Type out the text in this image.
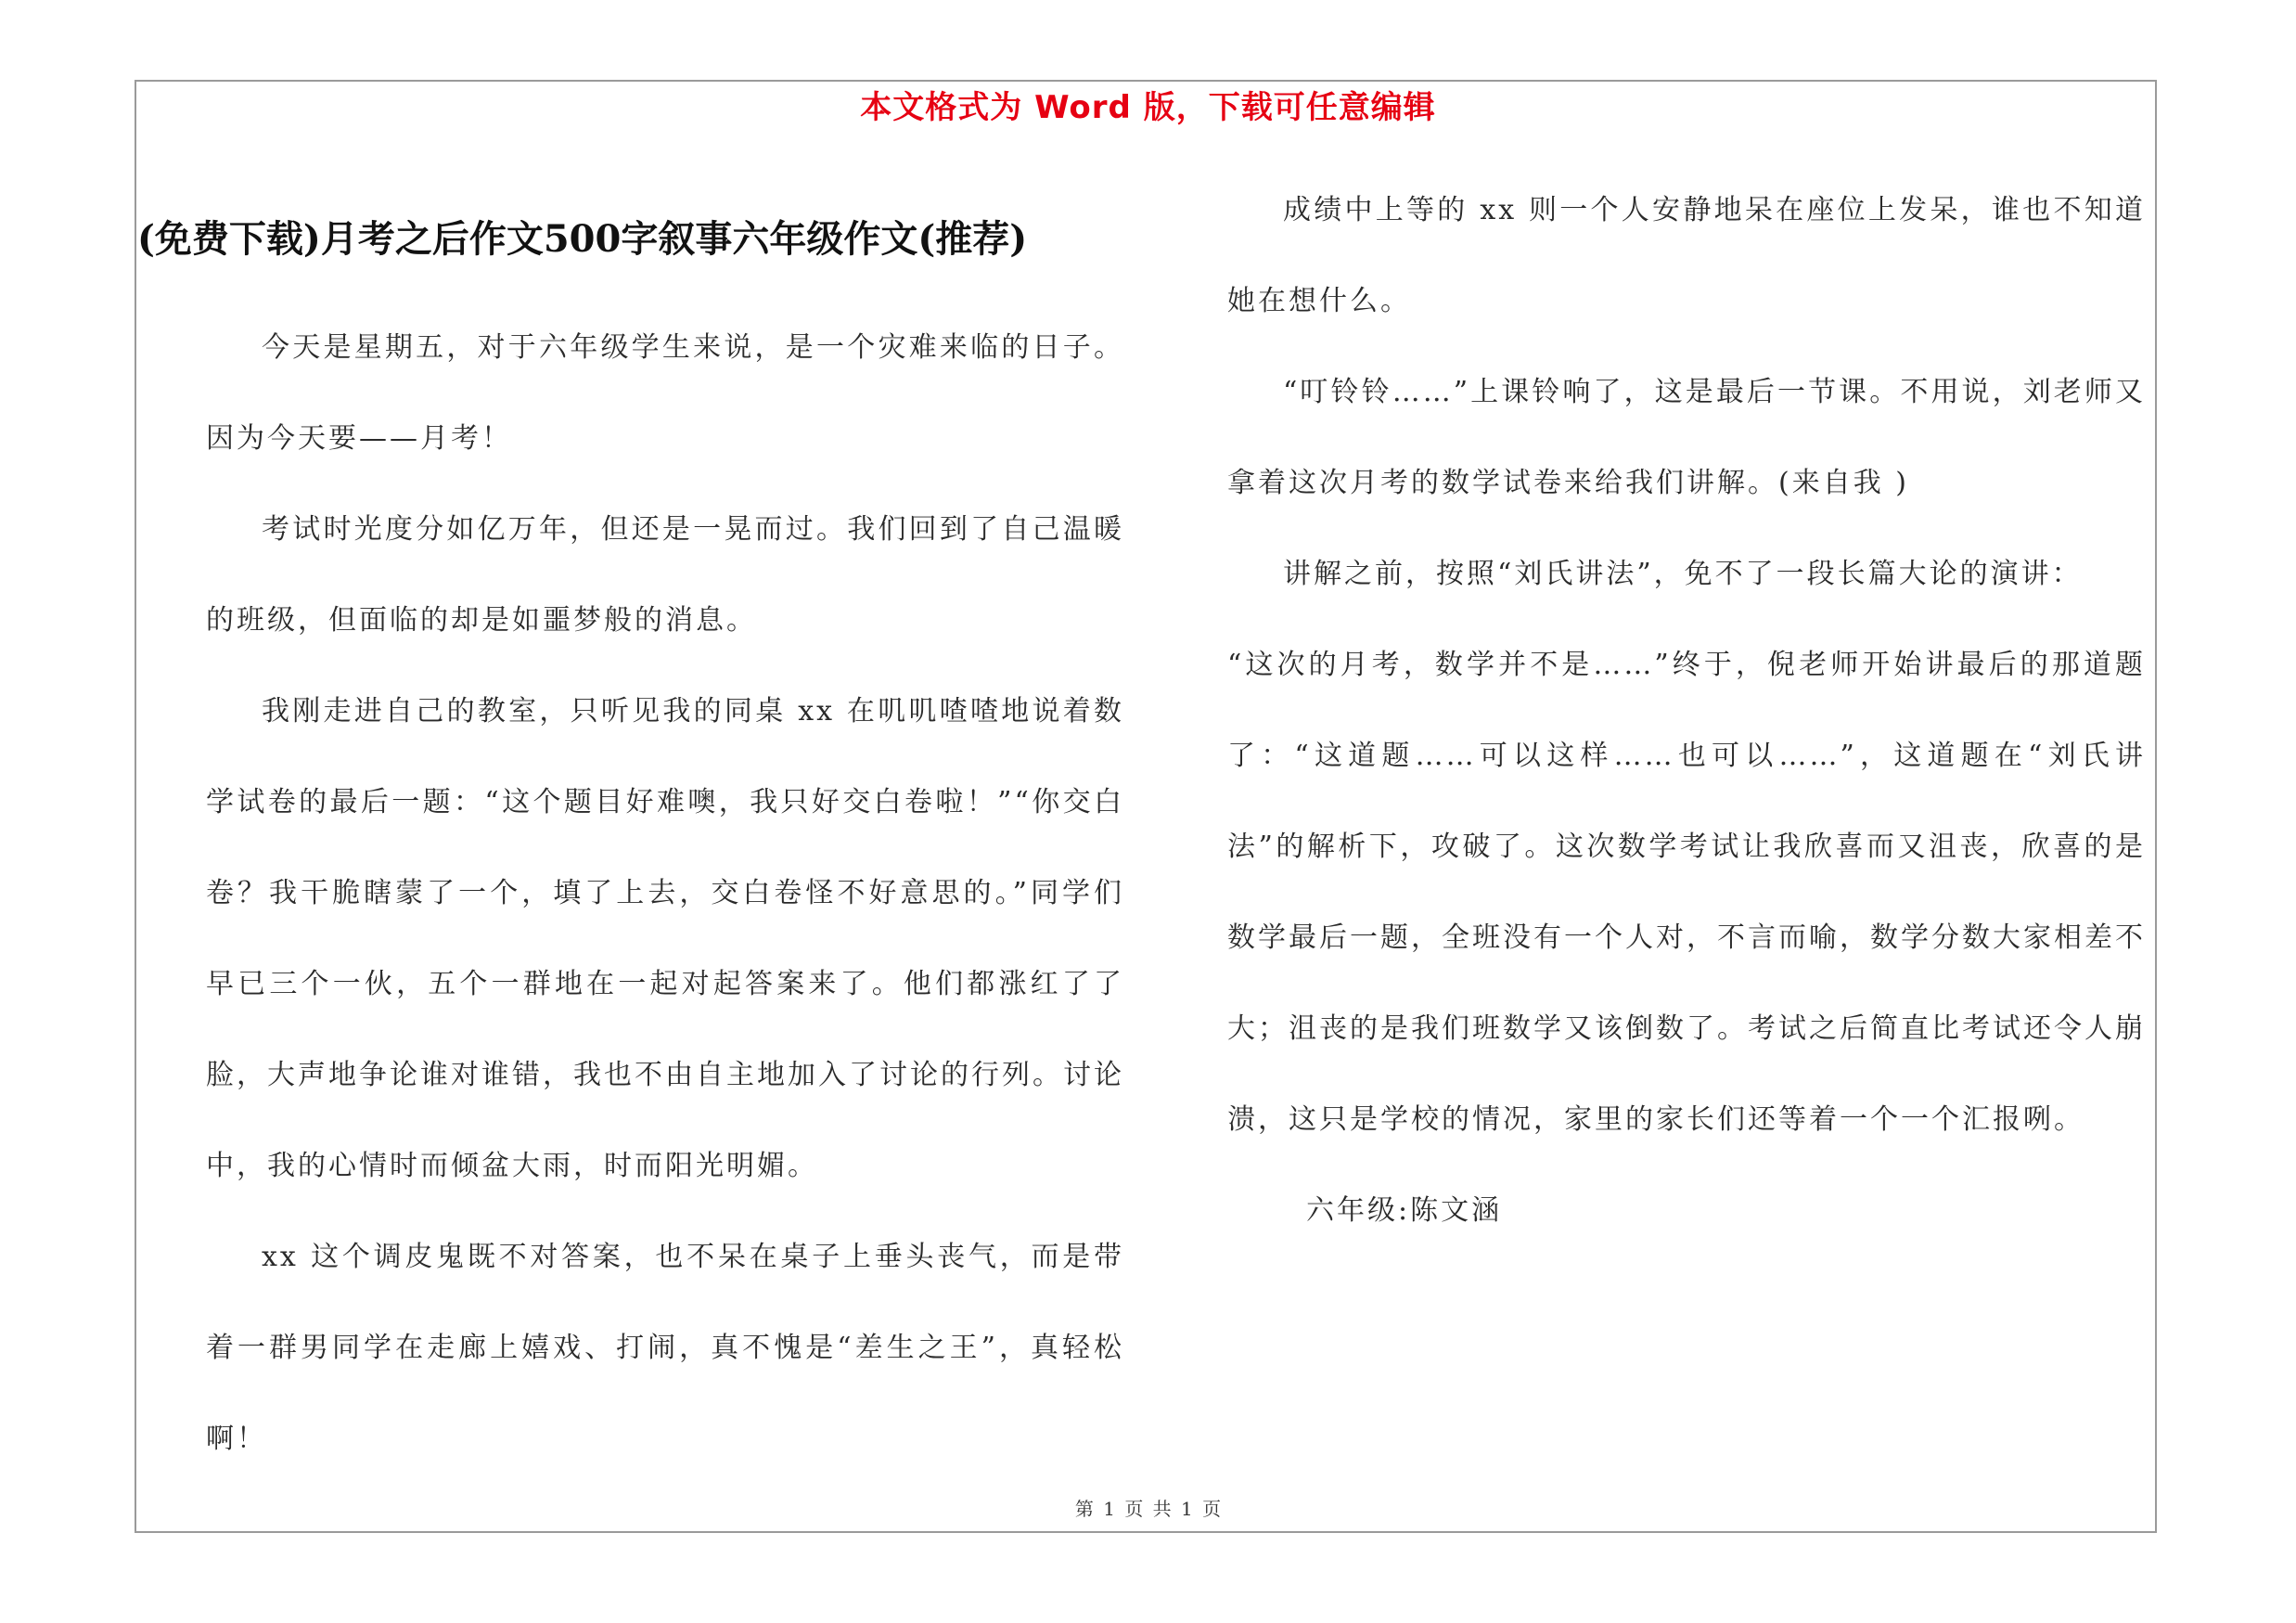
本文格式为 Word 版，下载可任意编辑
(免费下载)月考之后作文500字叙事六年级作文(推荐)

今天是星期五，对于六年级学生来说，是一个灾难来临的日子。因为今天要——月考！

考试时光度分如亿万年，但还是一晃而过。我们回到了自己温暖的班级，但面临的却是如噩梦般的消息。

我刚走进自己的教室，只听见我的同桌 xx 在叽叽喳喳地说着数学试卷的最后一题：“这个题目好难噢，我只好交白卷啦！”“你交白卷？我干脆瞎蒙了一个，填了上去，交白卷怪不好意思的。”同学们早已三个一伙，五个一群地在一起对起答案来了。他们都涨红了了脸，大声地争论谁对谁错，我也不由自主地加入了讨论的行列。讨论中，我的心情时而倾盆大雨，时而阳光明媚。

xx 这个调皮鬼既不对答案，也不呆在桌子上垂头丧气，而是带着一群男同学在走廊上嬉戏、打闹，真不愧是“差生之王”，真轻松啊！

成绩中上等的 xx 则一个人安静地呆在座位上发呆，谁也不知道她在想什么。

“叮铃铃……”上课铃响了，这是最后一节课。不用说，刘老师又拿着这次月考的数学试卷来给我们讲解。(来自我 )

讲解之前，按照“刘氏讲法”，免不了一段长篇大论的演讲：

“这次的月考，数学并不是……”终于，倪老师开始讲最后的那道题了：“这道题……可以这样……也可以……”，这道题在“刘氏讲法”的解析下，攻破了。这次数学考试让我欣喜而又沮丧，欣喜的是数学最后一题，全班没有一个人对，不言而喻，数学分数大家相差不大；沮丧的是我们班数学又该倒数了。考试之后简直比考试还令人崩溃，这只是学校的情况，家里的家长们还等着一个一个汇报咧。

六年级:陈文涵

第 1 页 共 1 页
